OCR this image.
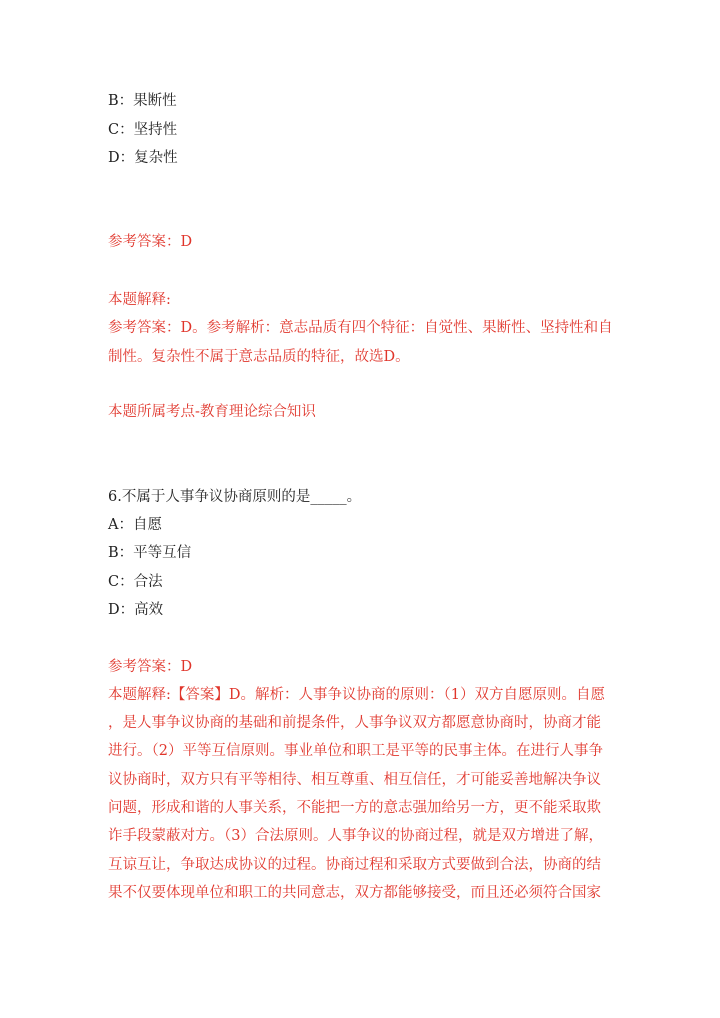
B：果断性
C：坚持性
D：复杂性
参考答案：D
本题解释:
参考答案：D。参考解析：意志品质有四个特征：自觉性、果断性、坚持性和自
制性。复杂性不属于意志品质的特征，故选D。
本题所属考点-教育理论综合知识
6.不属于人事争议协商原则的是_____。
A：自愿
B：平等互信
C：合法
D：高效
参考答案：D
本题解释:【答案】D。解析：人事争议协商的原则：（1）双方自愿原则。自愿
，是人事争议协商的基础和前提条件，人事争议双方都愿意协商时，协商才能
进行。（2）平等互信原则。事业单位和职工是平等的民事主体。在进行人事争
议协商时，双方只有平等相待、相互尊重、相互信任，才可能妥善地解决争议
问题，形成和谐的人事关系，不能把一方的意志强加给另一方，更不能采取欺
诈手段蒙蔽对方。（3）合法原则。人事争议的协商过程，就是双方增进了解，
互谅互让，争取达成协议的过程。协商过程和采取方式要做到合法，协商的结
果不仅要体现单位和职工的共同意志，双方都能够接受，而且还必须符合国家
